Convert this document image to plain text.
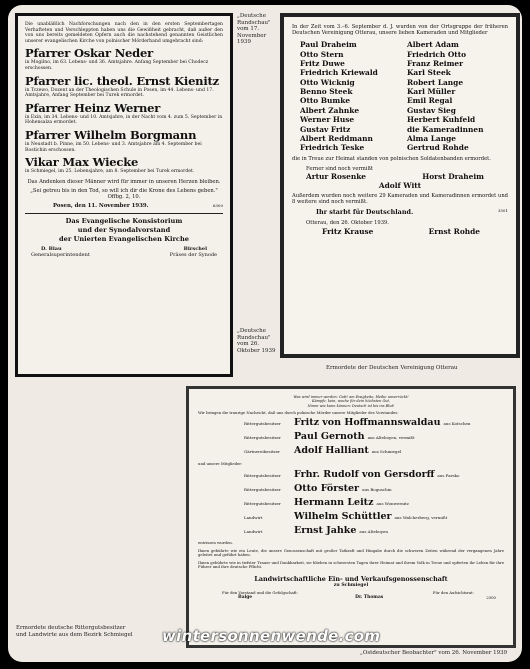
Die unabläßlich Nachforschungen nach den in den ersten Septembertagen Verhafteten und Verschleppten haben uns die Gewißheit gebracht, daß außer den von uns bereits gemeldeten Opfern auch die nachstehend genannten Geistlichen unserer evangelischen Kirche von polnischer Mörderhand umgebracht sind:
Pfarrer Oskar Neder
in Mogilno, im 63. Lebens- und 36. Amtsjahre. Anfang September bei Chodecz erschossen.
Pfarrer lic. theol. Ernst Kienitz
in Tczewo, Dozent an der Theologischen Schule in Posen, im 44. Lebens- und 17. Amtsjahre, Anfang September bei Turek ermordet.
Pfarrer Heinz Werner
in Exin, im 34. Lebens- und 10. Amtsjahre, in der Nacht vom 4. zum 5. September in Hohensalza ermordet.
Pfarrer Wilhelm Borgmann
in Neustadt b. Pinne, im 50. Lebens- und 3. Amtsjahre am 4. September bei Rostichin erschossen.
Vikar Max Wiecke
in Schmiegel, im 25. Lebensjahre, am 8. September bei Turek ermordet.
Das Andenken dieser Männer wird für immer in unseren Herzen bleiben.
„Sei getreu bis in den Tod, so will ich dir die Krone des Lebens geben." Offbg. 2, 10.
Posen, den 11. November 1939.	6300
Das Evangelische Konsistorium
und der Synodalvorstand
der Unierten Evangelischen Kirche
D. Blau	Birschel
Generalsuperintendent	Präses der Synode
„Deutsche Rundschau" vom 17. November 1939
„Deutsche Rundschau" vom 26. Oktober 1939
In der Zeit vom 3.–6. September d. J. wurden von der Ortsgruppe der früheren Deutschen Vereinigung Otterau, unsere lieben Kameraden und Mitglieder
Paul Draheim	Albert Adam
Otto Stern	Friedrich Otto
Fritz Duwe	Franz Reimer
Friedrich Kriewald	Karl Steek
Otto Wicknig	Robert Lange
Benno Steek	Karl Müller
Otto Bumke	Emil Regal
Albert Zahnke	Gustav Sieg
Werner Huse	Herbert Kuhfeld
Gustav Fritz	die Kameradinnen
Albert Reddmann	Alma Lange
Friedrich Teske	Gertrud Rohde
die in Treue zur Heimat standen von polnischen Soldatenbanden ermordet.
Ferner sind noch vermißt
Artur Rosenke	Horst Draheim
Adolf Witt
Außerdem wurden noch weitere 29 Kameraden und Kameradinnen ermordet und 8 weitere sind noch vermißt.
Ihr starbt für Deutschland.	3501
Otterau, den 26. Oktober 1939.
Fritz Krause	Ernst Rohde
Ermordete der Deutschen Vereinigung Otterau
Was wird immer werden: Gott! am Ewigkeite, bleibe unverrückt!
Kämpfe, kein, wache für dein höchsten Gut,
Nimm wie kann können: Deutsch ist bis ins Blut!
Wir bringen die traurige Nachricht, daß uns durch polnische Mörder unsere Mitglieder des Vorstandes:
Rittergutsbesitzer	Fritz von Hoffmannswaldau aus Kotschen
Rittergutsbesitzer	Paul Gernoth aus Alteboyen, vermißt
Gärtnereibesitzer	Adolf Halliant aus Schmiegel
und unsere Mitglieder:
Rittergutsbesitzer	Frhr. Rudolf von Gersdorff aus Parsko
Rittergutsbesitzer	Otto Förster aus Boguschin
Rittergutsbesitzer	Hermann Leitz aus Wonwernitz
Landwirt	Wilhelm Schüttler aus Walcherberg, vermißt
Landwirt	Ernst Jahke aus Alteboyen
entrissen wurden.
Ihnen gebührte wie ein Leute, die unsere Genossenschaft mit großer Tatkraft und Hingabe durch die schweren Zeiten während der vergangenen Jahre geleitet und geführt haben.
Ihnen gebührte wie in tiefster Trauer und Dankbarkeit, sie blieben in schwersten Tagen ihrer Heimat und ihrem Volk in Treue und opferten ihr Leben für ihre Führer und ihre deutsche Pflicht.
Landwirtschaftliche Ein- und Verkaufsgenossenschaft
zu Schmiegel
Für den Vorstand und die Gefolgschaft:	Für den Aufsichtsrat:
Balge	Dr. Thomas	2300
Ermordete deutsche Rittergutsbesitzer
und Landwirte aus dem Bezirk Schmiegel
„Ostdeutscher Beobachter" vom 26. November 1939
wintersonnenwende.com
